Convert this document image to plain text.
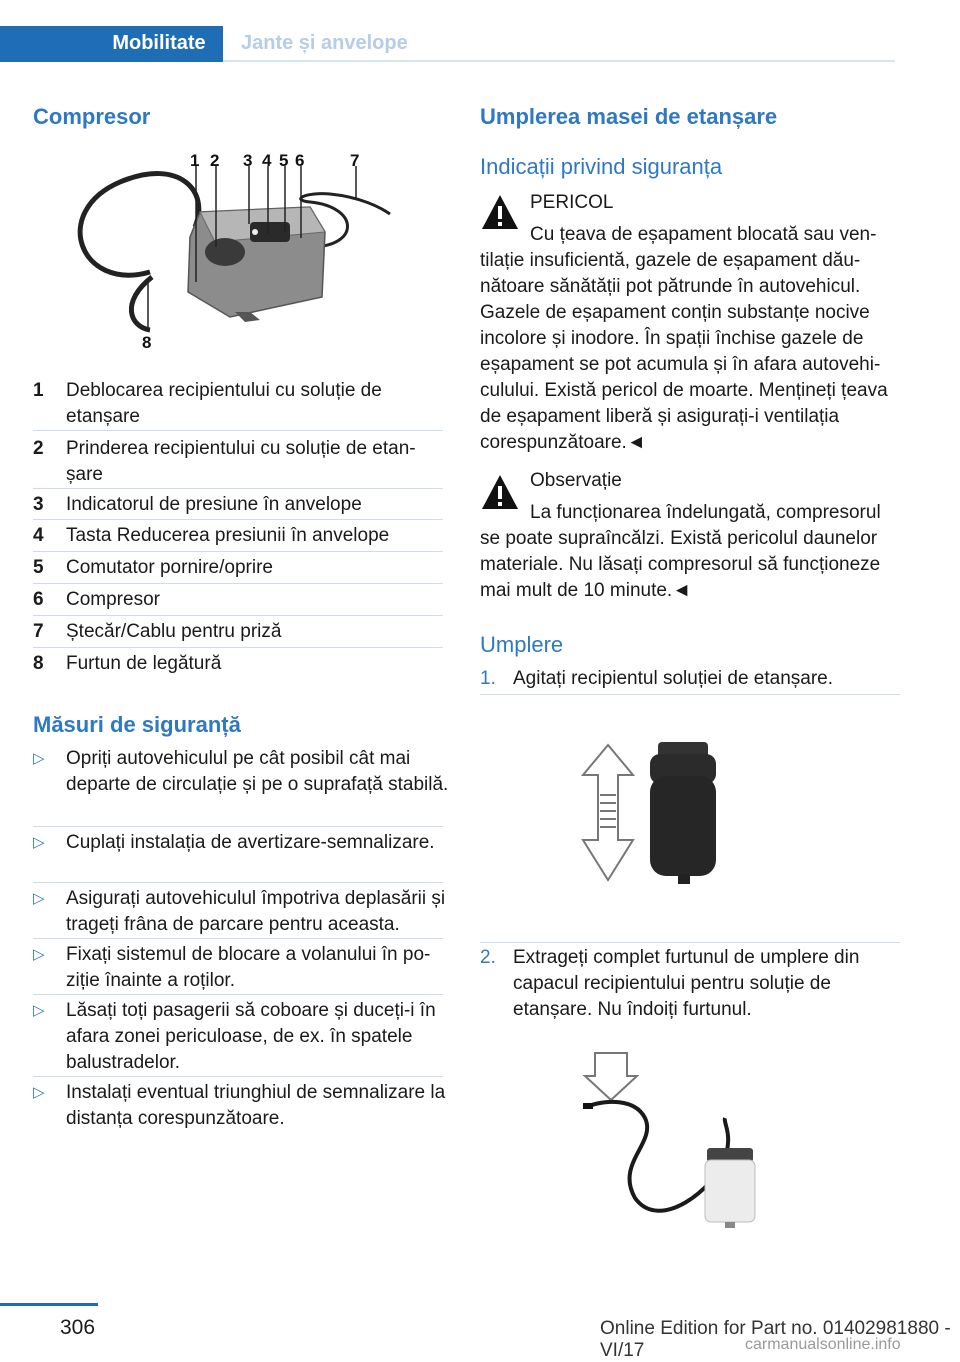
Mobilitate	Jante și anvelope
Compresor
1 2 3 4 5 6	7
8
1	Deblocarea recipientului cu soluție de etanșare
2	Prinderea recipientului cu soluție de etanșare
3	Indicatorul de presiune în anvelope
4	Tasta Reducerea presiunii în anvelope
5	Comutator pornire/oprire
6	Compresor
7	Ștecăr/Cablu pentru priză
8	Furtun de legătură
Măsuri de siguranță
▷ Opriți autovehiculul pe cât posibil cât mai departe de circulație și pe o suprafață stabilă.
▷ Cuplați instalația de avertizare-semnalizare.
▷ Asigurați autovehiculul împotriva deplasării și trageți frâna de parcare pentru aceasta.
▷ Fixați sistemul de blocare a volanului în poziție înainte a roților.
▷ Lăsați toți pasagerii să coboare și duceți-i în afara zonei periculoase, de ex. în spatele balustradelor.
▷ Instalați eventual triunghiul de semnalizare la distanța corespunzătoare.
Umplerea masei de etanșare
Indicații privind siguranța
PERICOL
Cu țeava de eșapament blocată sau ventilație insuficientă, gazele de eșapament dăunătoare sănătății pot pătrunde în autovehicul. Gazele de eșapament conțin substanțe nocive incolore și inodore. În spații închise gazele de eșapament se pot acumula și în afara autovehiculului. Există pericol de moarte. Mențineți țeava de eșapament liberă și asigurați-i ventilația corespunzătoare.◄
Observație
La funcționarea îndelungată, compresorul se poate supraîncălzi. Există pericolul daunelor materiale. Nu lăsați compresorul să funcționeze mai mult de 10 minute.◄
Umplere
1. Agitați recipientul soluției de etanșare.
2. Extrageți complet furtunul de umplere din capacul recipientului pentru soluție de etanșare. Nu îndoiți furtunul.
306	Online Edition for Part no. 01402981880 - VI/17	carmanualsonline.info
